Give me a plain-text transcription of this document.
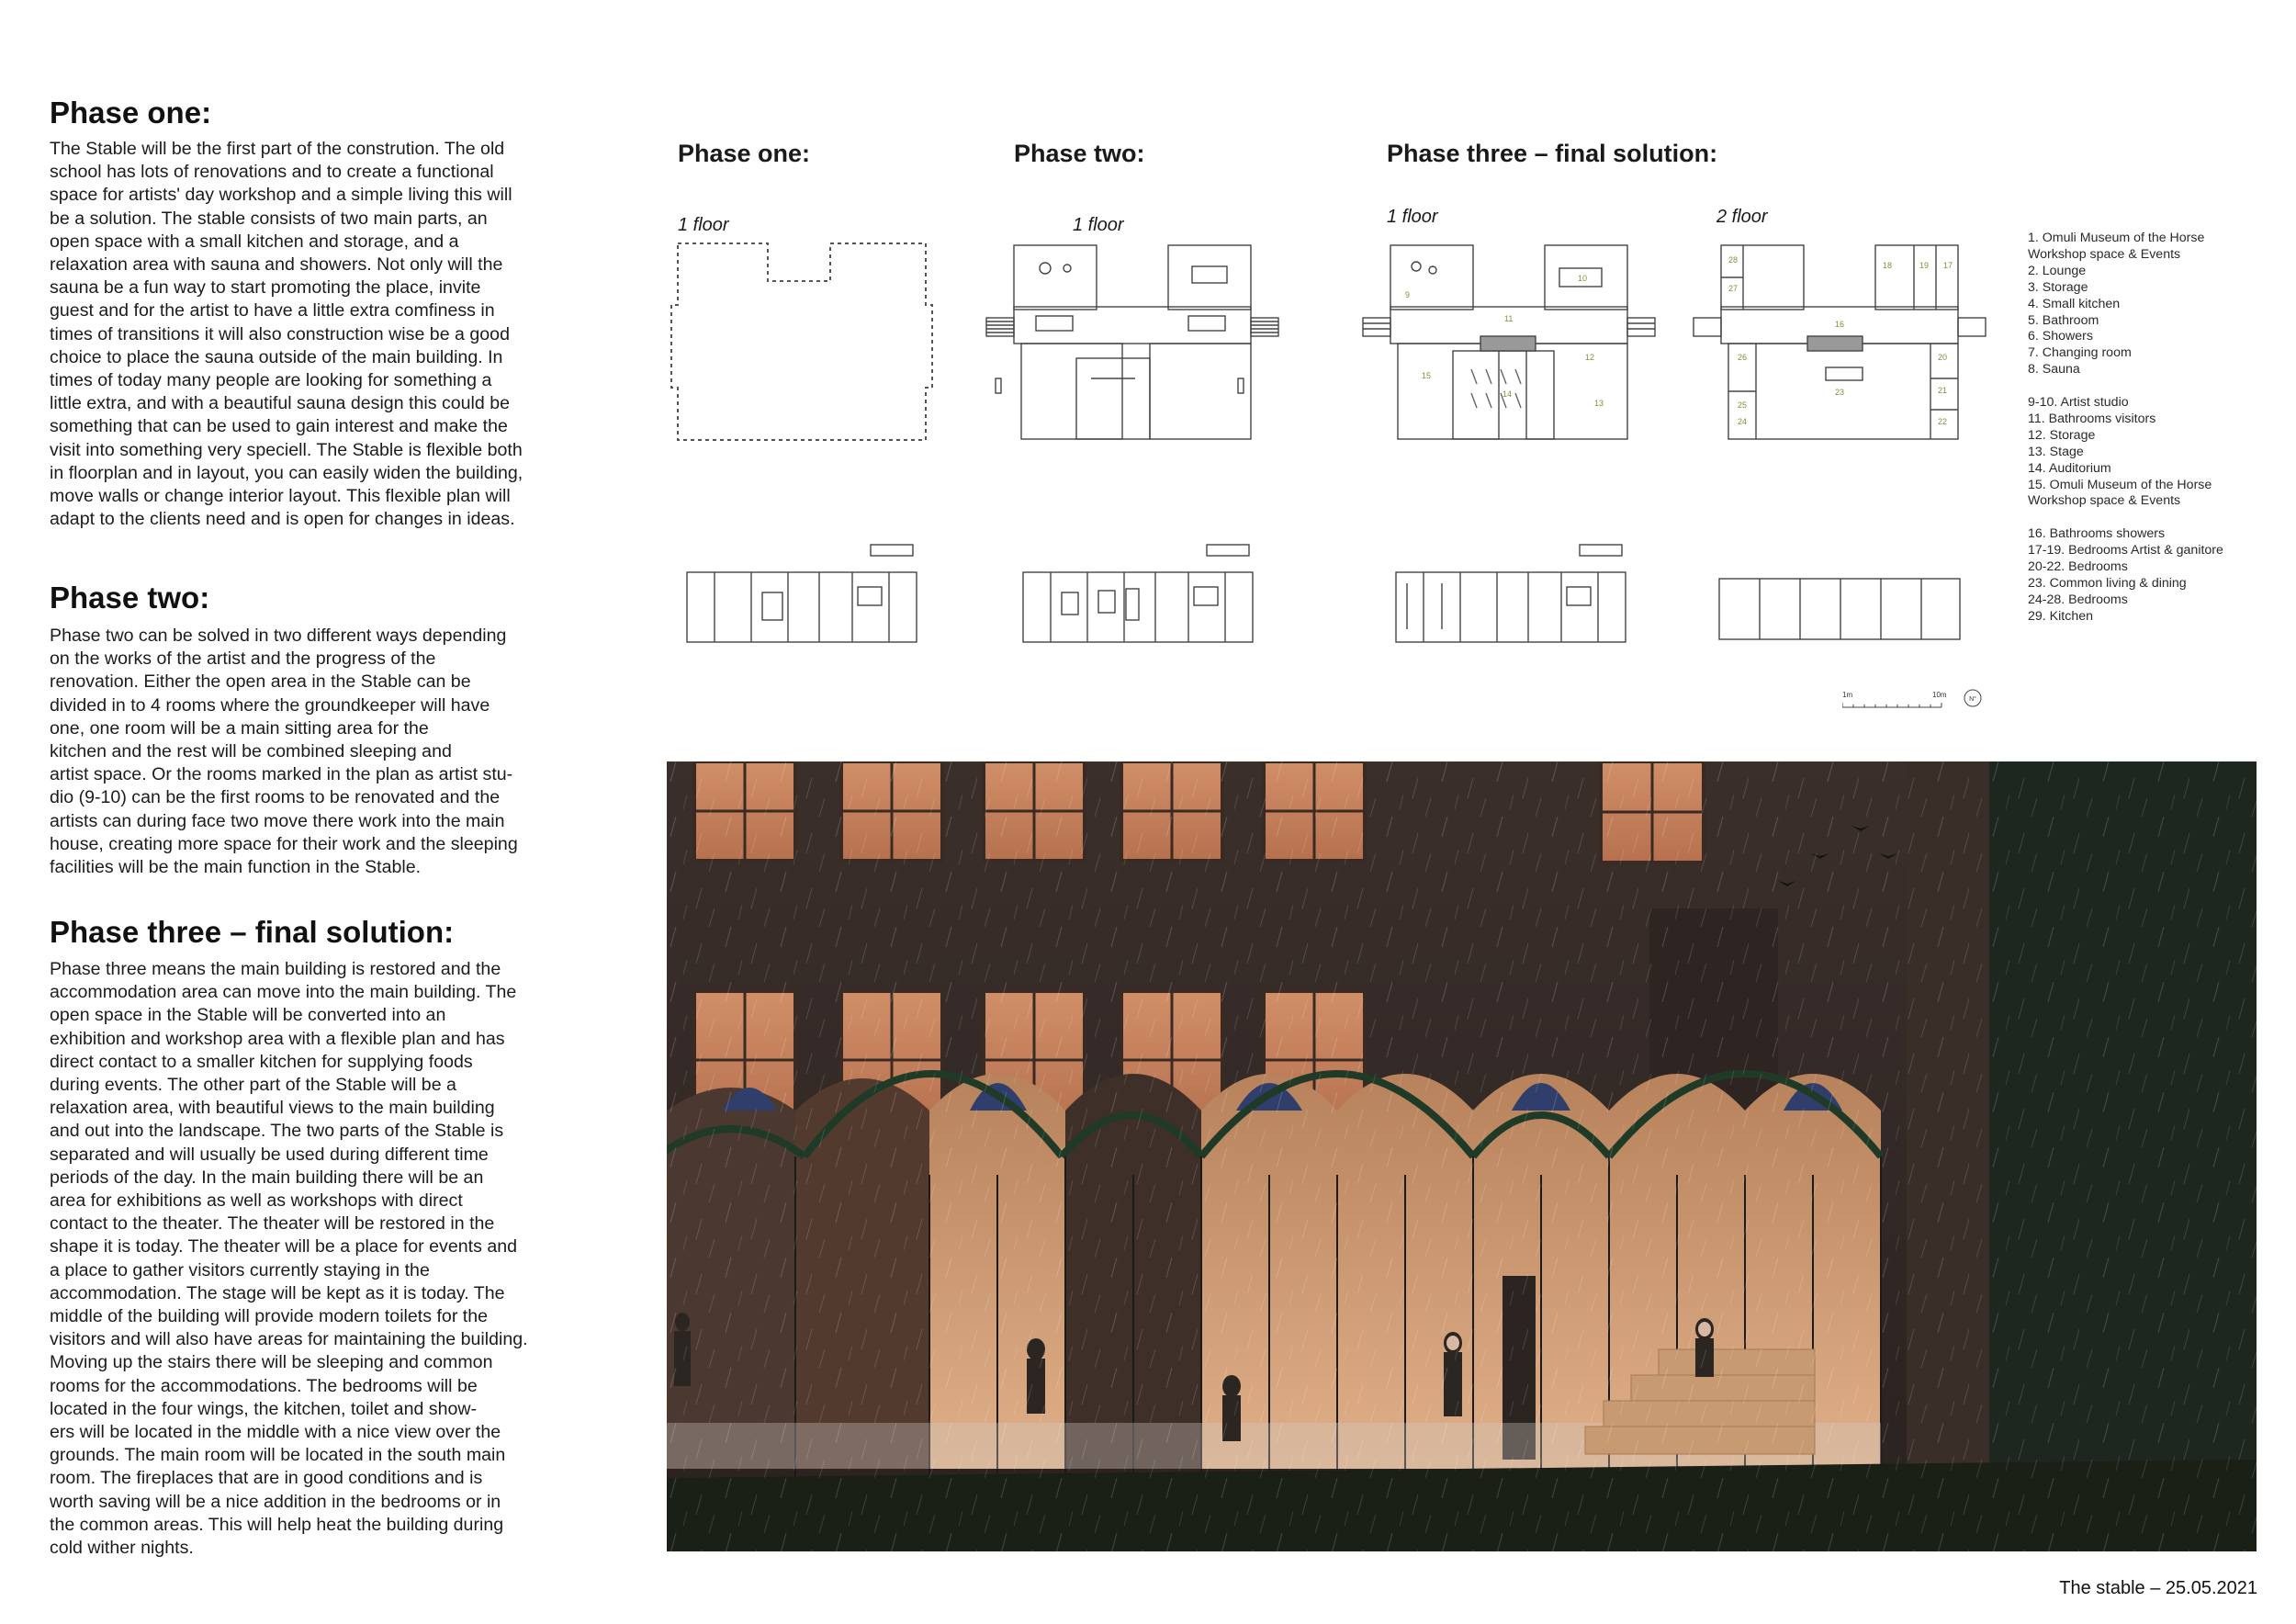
Phase one:
The Stable will be the first part of the constrution. The old
school has lots of renovations and to create a functional
space for artists' day workshop and a simple living this will
be a solution. The stable consists of two main parts, an
open space with a small kitchen and storage, and a
relaxation area with sauna and showers. Not only will the
sauna be a fun way to start promoting the place, invite
guest and for the artist to have a little extra comfiness in
times of transitions it will also construction wise be a good
choice to place the sauna outside of the main building. In
times of today many people are looking for something a
little extra, and with a beautiful sauna design this could be
something that can be used to gain interest and make the
visit into something very speciell. The Stable is flexible both
in floorplan and in layout, you can easily widen the building,
move walls or change interior layout. This flexible plan will
adapt to the clients need and is open for changes in ideas.
Phase two:
Phase two can be solved in two different ways depending
on the works of the artist and the progress of the
renovation. Either the open area in the Stable can be
divided in to 4 rooms where the groundkeeper will have
one, one room will be a main sitting area for the
kitchen and the rest will be combined sleeping and
artist space. Or the rooms marked in the plan as artist stu-
dio (9-10) can be the first rooms to be renovated and the
artists can during face two move there work into the main
house, creating more space for their work and the sleeping
facilities will be the main function in the Stable.
Phase three – final solution:
Phase three means the main building is restored and the
accommodation area can move into the main building. The
open space in the Stable will be converted into an
exhibition and workshop area with a flexible plan and has
direct contact to a smaller kitchen for supplying foods
during events. The other part of the Stable will be a
relaxation area, with beautiful views to the main building
and out into the landscape. The two parts of the Stable is
separated and will usually be used during different time
periods of the day. In the main building there will be an
area for exhibitions as well as workshops with direct
contact to the theater. The theater will be restored in the
shape it is today. The theater will be a place for events and
a place to gather visitors currently staying in the
accommodation. The stage will be kept as it is today. The
middle of the building will provide modern toilets for the
visitors and will also have areas for maintaining the building.
Moving up the stairs there will be sleeping and common
rooms for the accommodations. The bedrooms will be
located in the four wings, the kitchen, toilet and show-
ers will be located in the middle with a nice view over the
grounds. The main room will be located in the south main
room. The fireplaces that are in good conditions and is
worth saving will be a nice addition in the bedrooms or in
the common areas. This will help heat the building during
cold wither nights.
Phase one:	Phase two:	Phase three – final solution:
1 floor	1 floor	1 floor	2 floor
9
10
11
12
13
14
15
16
17
18	19
20
21
22
23
24
25
26
27
28
1. Omuli Museum of the Horse
Workshop space & Events
2. Lounge
3. Storage
4. Small kitchen
5. Bathroom
6. Showers
7. Changing room
8. Sauna
9-10. Artist studio
11. Bathrooms visitors
12. Storage
13. Stage
14. Auditorium
15. Omuli Museum of the Horse
Workshop space & Events
16. Bathrooms showers
17-19. Bedrooms Artist & ganitore
20-22. Bedrooms
23. Common living & dining
24-28. Bedrooms
29. Kitchen
1m	10m
N°
The stable – 25.05.2021
